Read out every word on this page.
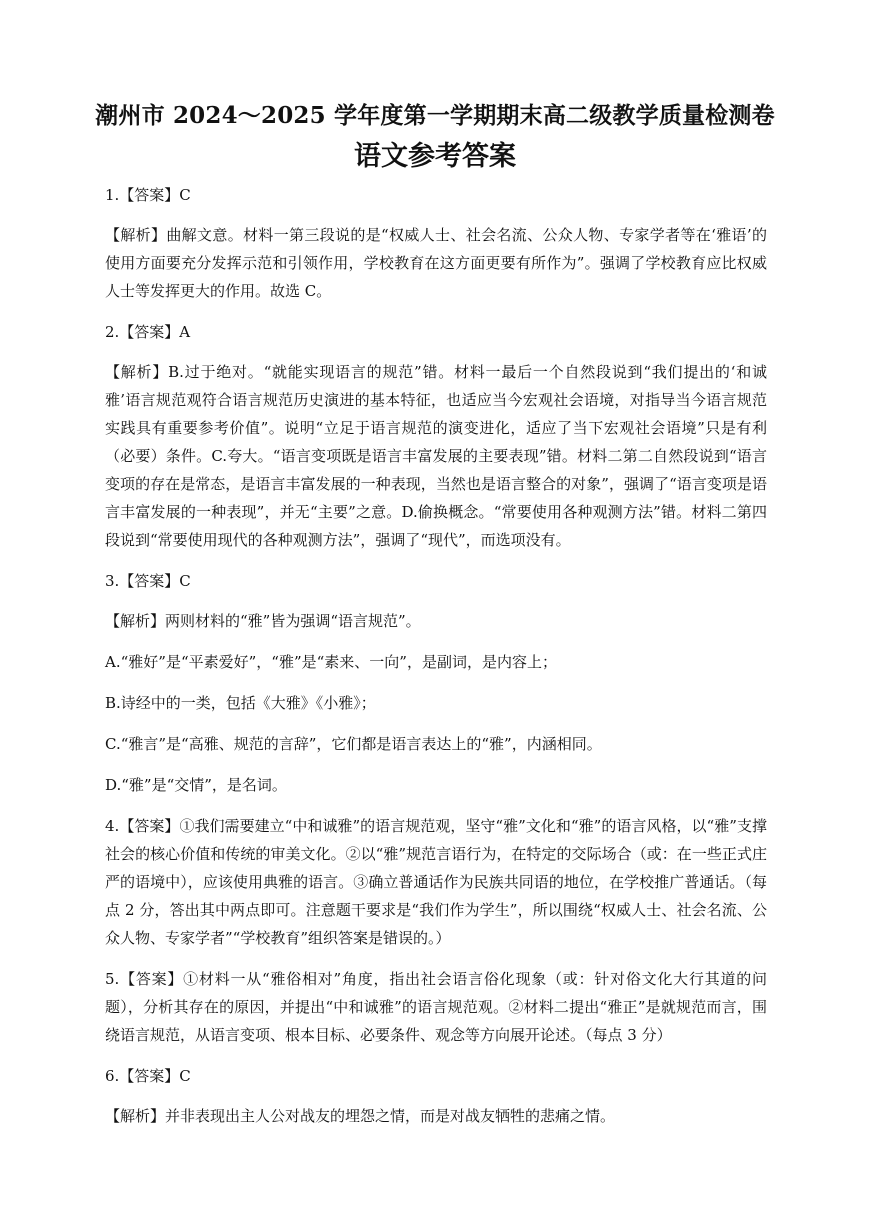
潮州市 2024～2025 学年度第一学期期末高二级教学质量检测卷
语文参考答案

1.【答案】C

【解析】曲解文意。材料一第三段说的是“权威人士、社会名流、公众人物、专家学者等在‘雅语’的使用方面要充分发挥示范和引领作用，学校教育在这方面更要有所作为”。强调了学校教育应比权威人士等发挥更大的作用。故选 C。

2.【答案】A

【解析】B.过于绝对。“就能实现语言的规范”错。材料一最后一个自然段说到“我们提出的‘和诚雅’语言规范观符合语言规范历史演进的基本特征，也适应当今宏观社会语境，对指导当今语言规范实践具有重要参考价值”。说明“立足于语言规范的演变进化，适应了当下宏观社会语境”只是有利（必要）条件。C.夸大。“语言变项既是语言丰富发展的主要表现”错。材料二第二自然段说到“语言变项的存在是常态，是语言丰富发展的一种表现，当然也是语言整合的对象”，强调了“语言变项是语言丰富发展的一种表现”，并无“主要”之意。D.偷换概念。“常要使用各种观测方法”错。材料二第四段说到“常要使用现代的各种观测方法”，强调了“现代”，而选项没有。

3.【答案】C

【解析】两则材料的“雅”皆为强调“语言规范”。

A.“雅好”是“平素爱好”，“雅”是“素来、一向”，是副词，是内容上；

B.诗经中的一类，包括《大雅》《小雅》；

C.“雅言”是“高雅、规范的言辞”，它们都是语言表达上的“雅”，内涵相同。

D.“雅”是“交情”，是名词。

4.【答案】①我们需要建立“中和诚雅”的语言规范观，坚守“雅”文化和“雅”的语言风格，以“雅”支撑社会的核心价值和传统的审美文化。②以“雅”规范言语行为，在特定的交际场合（或：在一些正式庄严的语境中），应该使用典雅的语言。③确立普通话作为民族共同语的地位，在学校推广普通话。（每点 2 分，答出其中两点即可。注意题干要求是“我们作为学生”，所以围绕“权威人士、社会名流、公众人物、专家学者”“学校教育”组织答案是错误的。）

5.【答案】①材料一从“雅俗相对”角度，指出社会语言俗化现象（或：针对俗文化大行其道的问题），分析其存在的原因，并提出“中和诚雅”的语言规范观。②材料二提出“雅正”是就规范而言，围绕语言规范，从语言变项、根本目标、必要条件、观念等方向展开论述。（每点 3 分）

6.【答案】C

【解析】并非表现出主人公对战友的埋怨之情，而是对战友牺牲的悲痛之情。
